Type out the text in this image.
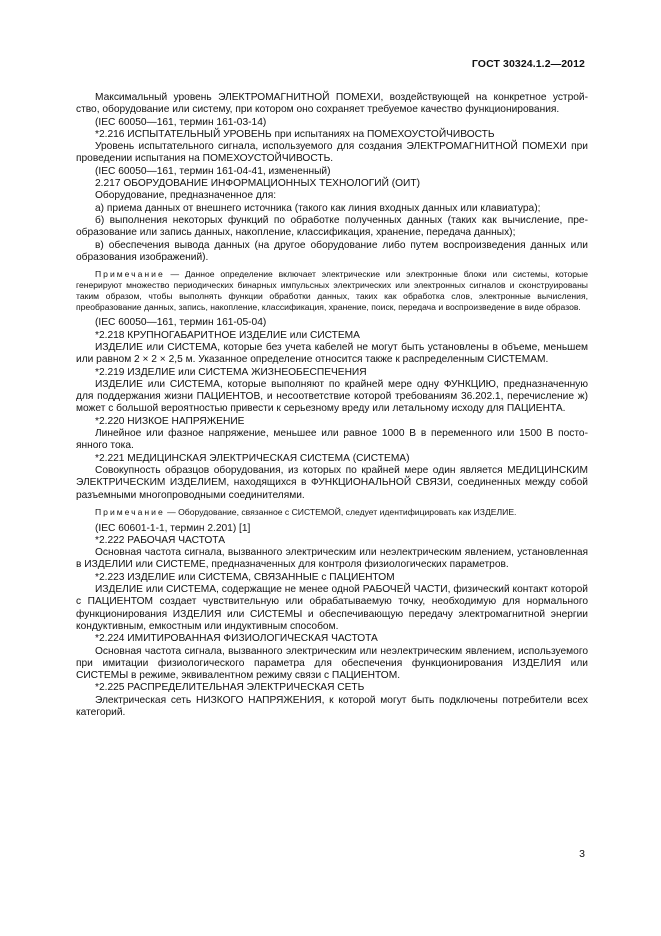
ГОСТ 30324.1.2—2012

Максимальный уровень ЭЛЕКТРОМАГНИТНОЙ ПОМЕХИ, воздействующей на конкретное устрой- ство, оборудование или систему, при котором оно сохраняет требуемое качество функционирования.

(IEC 60050—161, термин 161-03-14)

*2.216 ИСПЫТАТЕЛЬНЫЙ УРОВЕНЬ при испытаниях на ПОМЕХОУСТОЙЧИВОСТЬ

Уровень испытательного сигнала, используемого для создания ЭЛЕКТРОМАГНИТНОЙ ПОМЕХИ при проведении испытания на ПОМЕХОУСТОЙЧИВОСТЬ.

(IEC 60050—161, термин 161-04-41, измененный)

2.217 ОБОРУДОВАНИЕ ИНФОРМАЦИОННЫХ ТЕХНОЛОГИЙ (ОИТ)

Оборудование, предназначенное для:

а) приема данных от внешнего источника (такого как линия входных данных или клавиатура);

б) выполнения некоторых функций по обработке полученных данных (таких как вычисление, пре-образование или запись данных, накопление, классификация, хранение, передача данных);

в) обеспечения вывода данных (на другое оборудование либо путем воспроизведения данных или образования изображений).

Примечание — Данное определение включает электрические или электронные блоки или системы, которые генерируют множество периодических бинарных импульсных электрических или электронных сигналов и сконструированы таким образом, чтобы выполнять функции обработки данных, таких как обработка слов, электронные вычисления, преобразование данных, запись, накопление, классификация, хранение, поиск, передача и воспроизведение в виде образов.

(IEC 60050—161, термин 161-05-04)

*2.218 КРУПНОГАБАРИТНОЕ ИЗДЕЛИЕ или СИСТЕМА

ИЗДЕЛИЕ или СИСТЕМА, которые без учета кабелей не могут быть установлены в объеме, меньшем или равном 2 × 2 × 2,5 м. Указанное определение относится также к распределенным СИСТЕМАМ.

*2.219 ИЗДЕЛИЕ или СИСТЕМА ЖИЗНЕОБЕСПЕЧЕНИЯ

ИЗДЕЛИЕ или СИСТЕМА, которые выполняют по крайней мере одну ФУНКЦИЮ, предназначенную для поддержания жизни ПАЦИЕНТОВ, и несоответствие которой требованиям 36.202.1, перечисление ж) может с большой вероятностью привести к серьезному вреду или летальному исходу для ПАЦИЕНТА.

*2.220 НИЗКОЕ НАПРЯЖЕНИЕ

Линейное или фазное напряжение, меньшее или равное 1000 В в переменного или 1500 В постоянного тока.

*2.221 МЕДИЦИНСКАЯ ЭЛЕКТРИЧЕСКАЯ СИСТЕМА (СИСТЕМА)

Совокупность образцов оборудования, из которых по крайней мере один является МЕДИЦИНСКИМ ЭЛЕКТРИЧЕСКИМ ИЗДЕЛИЕМ, находящихся в ФУНКЦИОНАЛЬНОЙ СВЯЗИ, соединенных между собой разъемными многопроводными соединителями.

Примечание — Оборудование, связанное с СИСТЕМОЙ, следует идентифицировать как ИЗДЕЛИЕ.

(IEC 60601-1-1, термин 2.201) [1]

*2.222 РАБОЧАЯ ЧАСТОТА

Основная частота сигнала, вызванного электрическим или неэлектрическим явлением, установленная в ИЗДЕЛИИ или СИСТЕМЕ, предназначенных для контроля физиологических параметров.

*2.223 ИЗДЕЛИЕ или СИСТЕМА, СВЯЗАННЫЕ с ПАЦИЕНТОМ

ИЗДЕЛИЕ или СИСТЕМА, содержащие не менее одной РАБОЧЕЙ ЧАСТИ, физический контакт которой с ПАЦИЕНТОМ создает чувствительную или обрабатываемую точку, необходимую для нормального функционирования ИЗДЕЛИЯ или СИСТЕМЫ и обеспечивающую передачу электромагнитной энергии кондуктивным, емкостным или индуктивным способом.

*2.224 ИМИТИРОВАННАЯ ФИЗИОЛОГИЧЕСКАЯ ЧАСТОТА

Основная частота сигнала, вызванного электрическим или неэлектрическим явлением, используемого при имитации физиологического параметра для обеспечения функционирования ИЗДЕЛИЯ или СИСТЕМЫ в режиме, эквивалентном режиму связи с ПАЦИЕНТОМ.

*2.225 РАСПРЕДЕЛИТЕЛЬНАЯ ЭЛЕКТРИЧЕСКАЯ СЕТЬ

Электрическая сеть НИЗКОГО НАПРЯЖЕНИЯ, к которой могут быть подключены потребители всех категорий.

3
